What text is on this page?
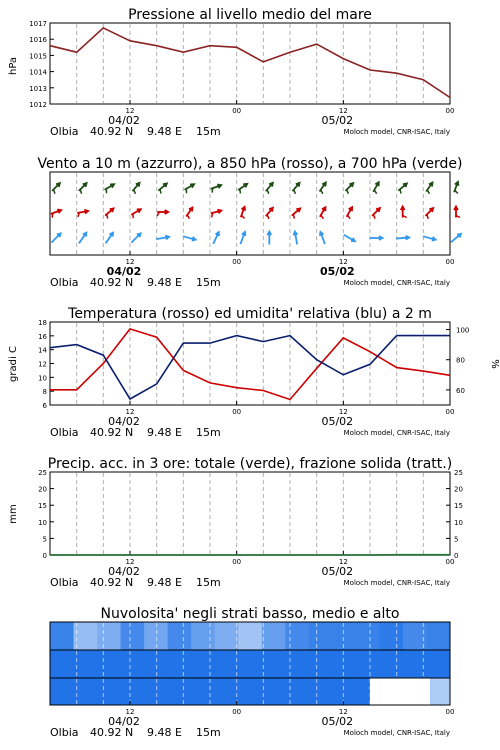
Pressione al livello medio del mare
hPa
1017
1016
1015
1014
1013
1012
12	00	12	00
04/02	05/02
Olbia 40.92 N 9.48 E 15m	Moloch model, CNR-ISAC, Italy
Vento a 10 m (azzurro), a 850 hPa (rosso), a 700 hPa (verde)
12	00	12	00
04/02	05/02
Olbia 40.92 N 9.48 E 15m	Moloch model, CNR-ISAC, Italy
Temperatura (rosso) ed umidita' relativa (blu) a 2 m
gradi C	%
18
16
14
12
10
8
6
100
80
60
12	00	12	00
04/02	05/02
Olbia 40.92 N 9.48 E 15m	Moloch model, CNR-ISAC, Italy
Precip. acc. in 3 ore: totale (verde), frazione solida (tratt.)
mm
25
20
15
10
5
0
25
20
15
10
5
0
12	00	12	00
04/02	05/02
Olbia 40.92 N 9.48 E 15m	Moloch model, CNR-ISAC, Italy
Nuvolosita' negli strati basso, medio e alto
12	00	12	00
04/02	05/02
Olbia 40.92 N 9.48 E 15m	Moloch model, CNR-ISAC, Italy
